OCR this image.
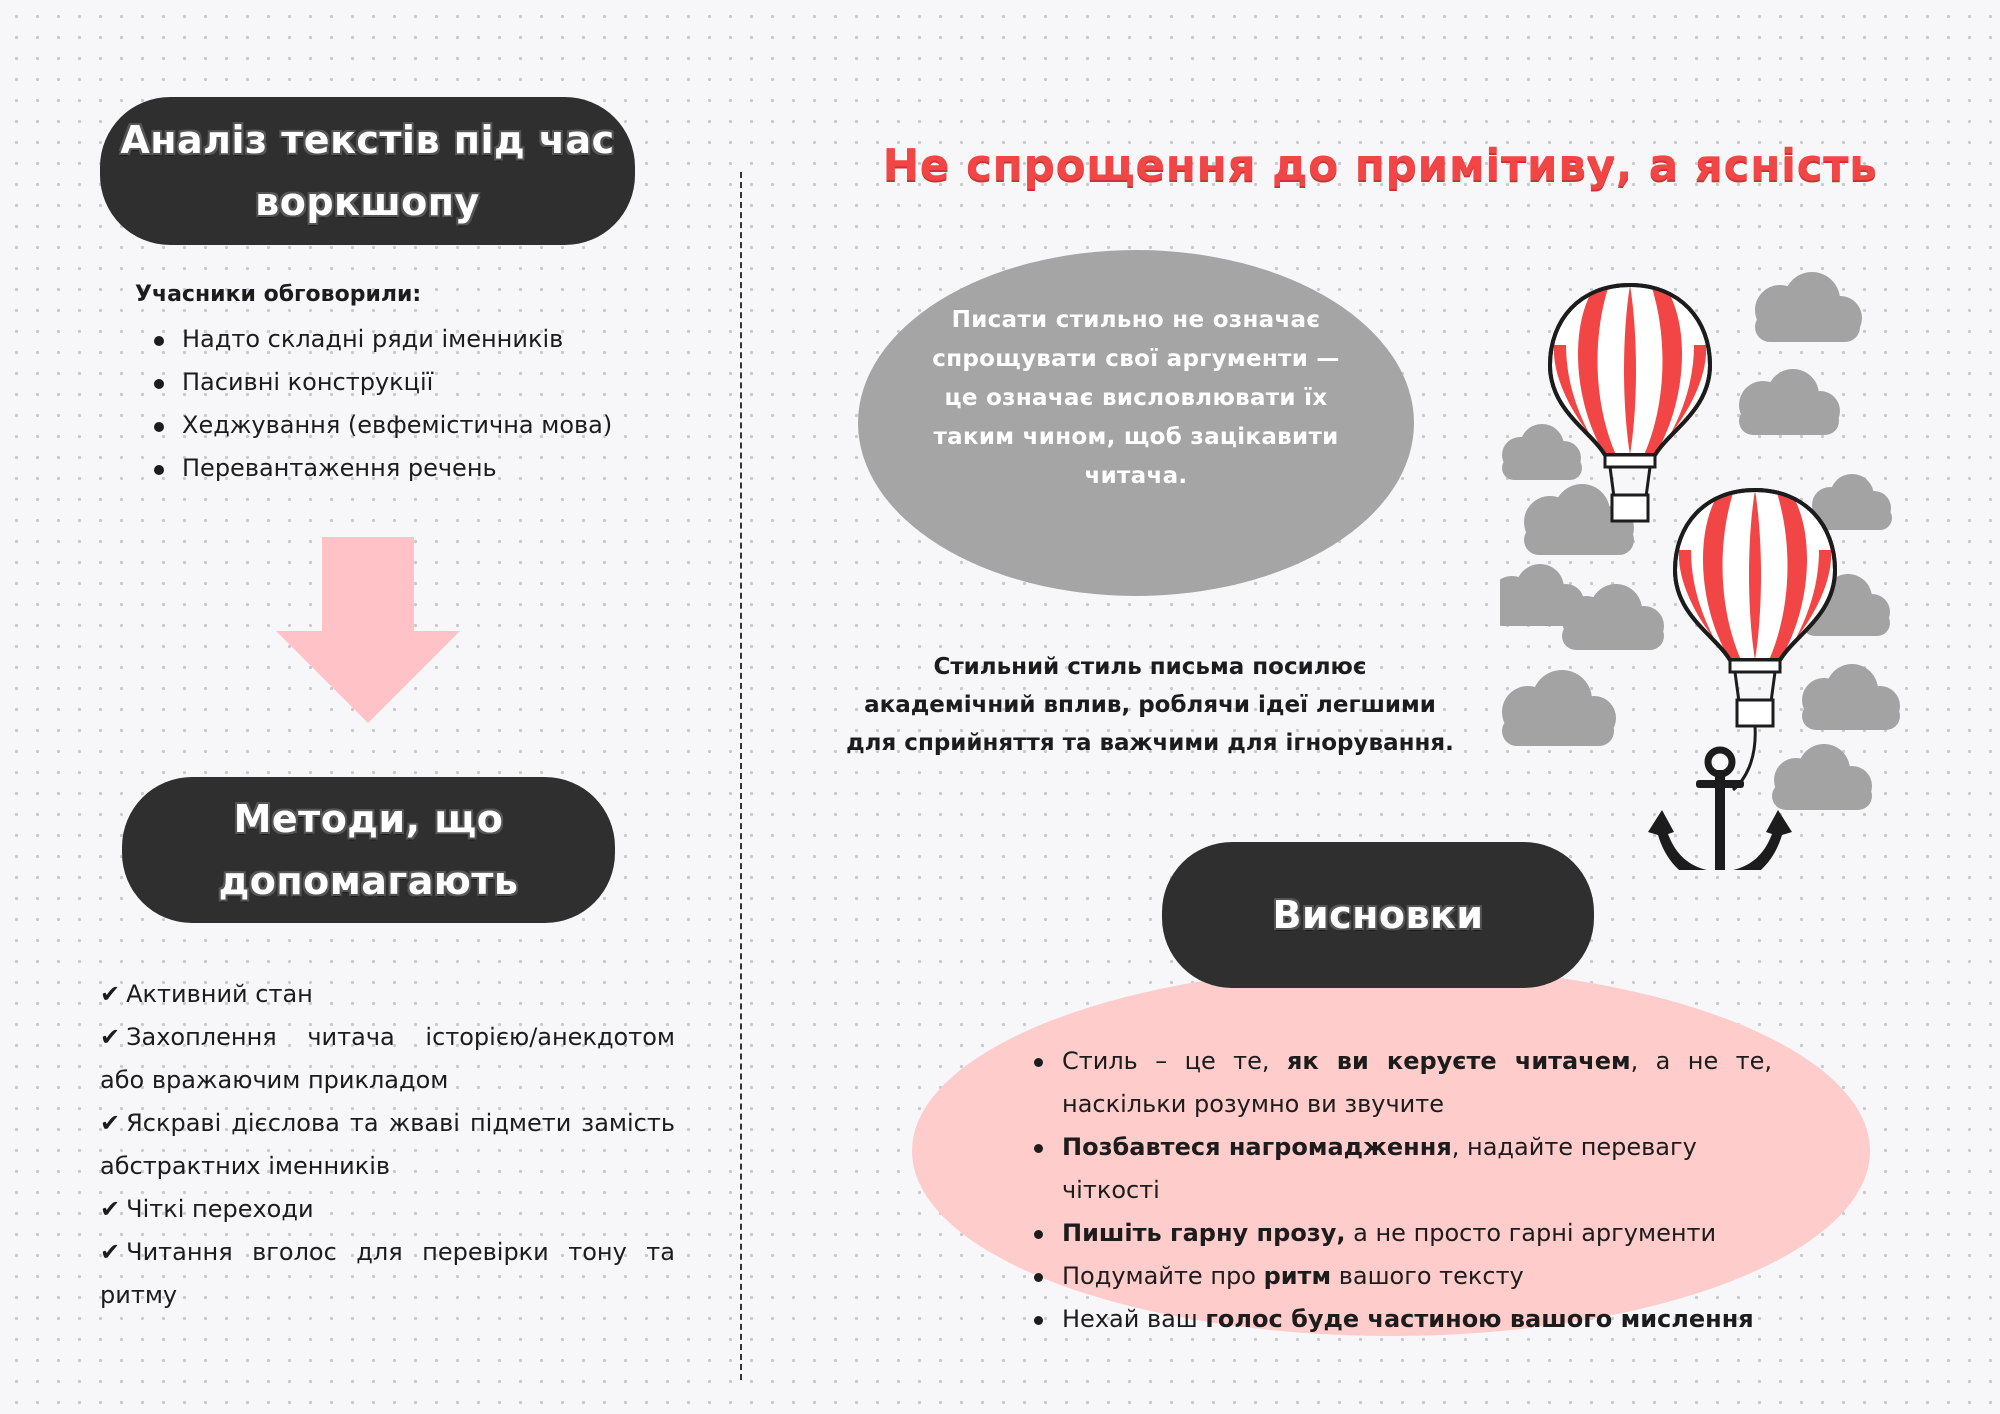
Аналіз текстів під час воркшопу
Учасники обговорили:
Надто складні ряди іменників
Пасивні конструкції
Хеджування (евфемістична мова)
Перевантаження речень
Методи, що допомагають
✔ Активний стан
✔ Захоплення читача історією/анекдотом або вражаючим прикладом
✔ Яскраві дієслова та жваві підмети замість абстрактних іменників
✔ Чіткі переходи
✔ Читання вголос для перевірки тону та ритму
Не спрощення до примітиву, а ясність
Писати стильно не означає спрощувати свої аргументи — це означає висловлювати їх таким чином, щоб зацікавити читача.
Стильний стиль письма посилює академічний вплив, роблячи ідеї легшими для сприйняття та важчими для ігнорування.
Висновки
Стиль – це те, як ви керуєте читачем, а не те, наскільки розумно ви звучите
Позбавтеся нагромадження, надайте перевагу чіткості
Пишіть гарну прозу, а не просто гарні аргументи
Подумайте про ритм вашого тексту
Нехай ваш голос буде частиною вашого мислення
